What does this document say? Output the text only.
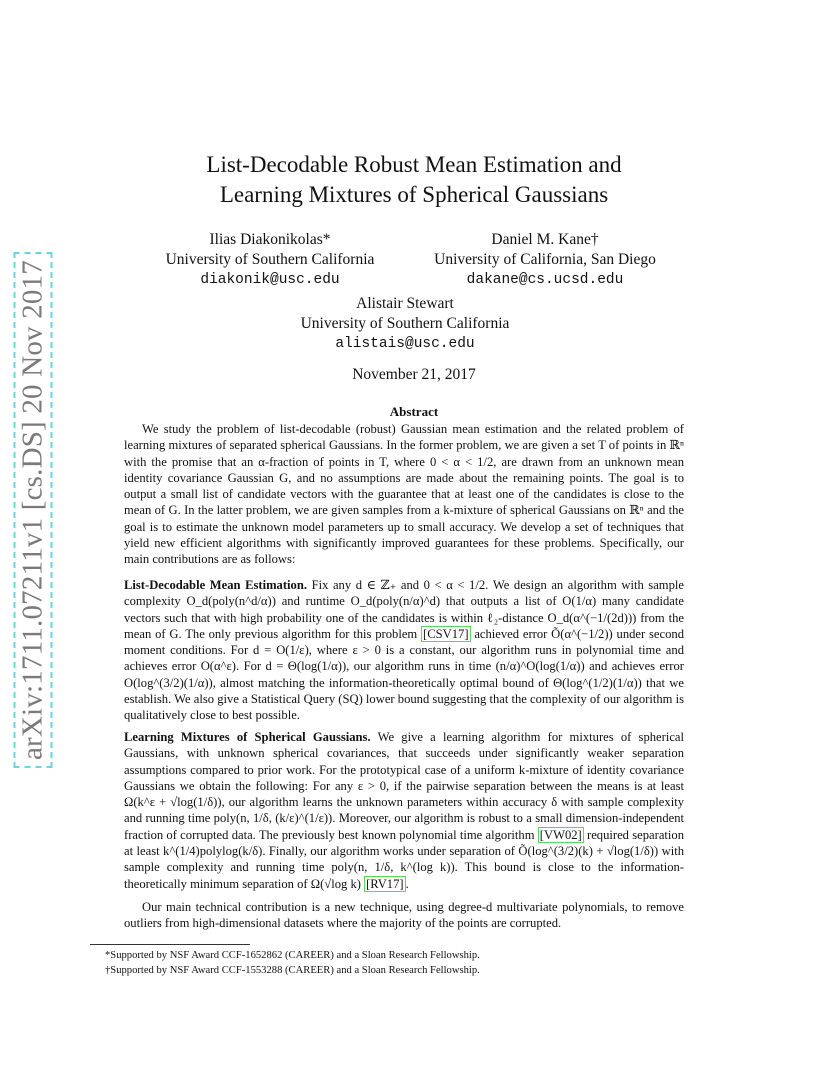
arXiv:1711.07211v1 [cs.DS] 20 Nov 2017
List-Decodable Robust Mean Estimation and
Learning Mixtures of Spherical Gaussians
Ilias Diakonikolas*
University of Southern California
diakonik@usc.edu
Daniel M. Kane†
University of California, San Diego
dakane@cs.ucsd.edu
Alistair Stewart
University of Southern California
alistais@usc.edu
November 21, 2017
Abstract

We study the problem of list-decodable (robust) Gaussian mean estimation and the related problem of learning mixtures of separated spherical Gaussians. In the former problem, we are given a set T of points in ℝⁿ with the promise that an α-fraction of points in T, where 0 < α < 1/2, are drawn from an unknown mean identity covariance Gaussian G, and no assumptions are made about the remaining points. The goal is to output a small list of candidate vectors with the guarantee that at least one of the candidates is close to the mean of G. In the latter problem, we are given samples from a k-mixture of spherical Gaussians on ℝⁿ and the goal is to estimate the unknown model parameters up to small accuracy. We develop a set of techniques that yield new efficient algorithms with significantly improved guarantees for these problems. Specifically, our main contributions are as follows:

List-Decodable Mean Estimation. Fix any d ∈ ℤ₊ and 0 < α < 1/2. We design an algorithm with sample complexity O_d(poly(n^d/α)) and runtime O_d(poly(n/α)^d) that outputs a list of O(1/α) many candidate vectors such that with high probability one of the candidates is within ℓ₂-distance O_d(α^(−1/(2d))) from the mean of G. The only previous algorithm for this problem [CSV17] achieved error Õ(α^(−1/2)) under second moment conditions. For d = O(1/ε), where ε > 0 is a constant, our algorithm runs in polynomial time and achieves error O(α^ε). For d = Θ(log(1/α)), our algorithm runs in time (n/α)^O(log(1/α)) and achieves error O(log^(3/2)(1/α)), almost matching the information-theoretically optimal bound of Θ(log^(1/2)(1/α)) that we establish. We also give a Statistical Query (SQ) lower bound suggesting that the complexity of our algorithm is qualitatively close to best possible.

Learning Mixtures of Spherical Gaussians. We give a learning algorithm for mixtures of spherical Gaussians, with unknown spherical covariances, that succeeds under significantly weaker separation assumptions compared to prior work. For the prototypical case of a uniform k-mixture of identity covariance Gaussians we obtain the following: For any ε > 0, if the pairwise separation between the means is at least Ω(k^ε + √log(1/δ)), our algorithm learns the unknown parameters within accuracy δ with sample complexity and running time poly(n, 1/δ, (k/ε)^(1/ε)). Moreover, our algorithm is robust to a small dimension-independent fraction of corrupted data. The previously best known polynomial time algorithm [VW02] required separation at least k^(1/4)polylog(k/δ). Finally, our algorithm works under separation of Õ(log^(3/2)(k) + √log(1/δ)) with sample complexity and running time poly(n, 1/δ, k^(log k)). This bound is close to the information-theoretically minimum separation of Ω(√log k) [RV17] .

Our main technical contribution is a new technique, using degree-d multivariate polynomials, to remove outliers from high-dimensional datasets where the majority of the points are corrupted.

*Supported by NSF Award CCF-1652862 (CAREER) and a Sloan Research Fellowship.
†Supported by NSF Award CCF-1553288 (CAREER) and a Sloan Research Fellowship.
